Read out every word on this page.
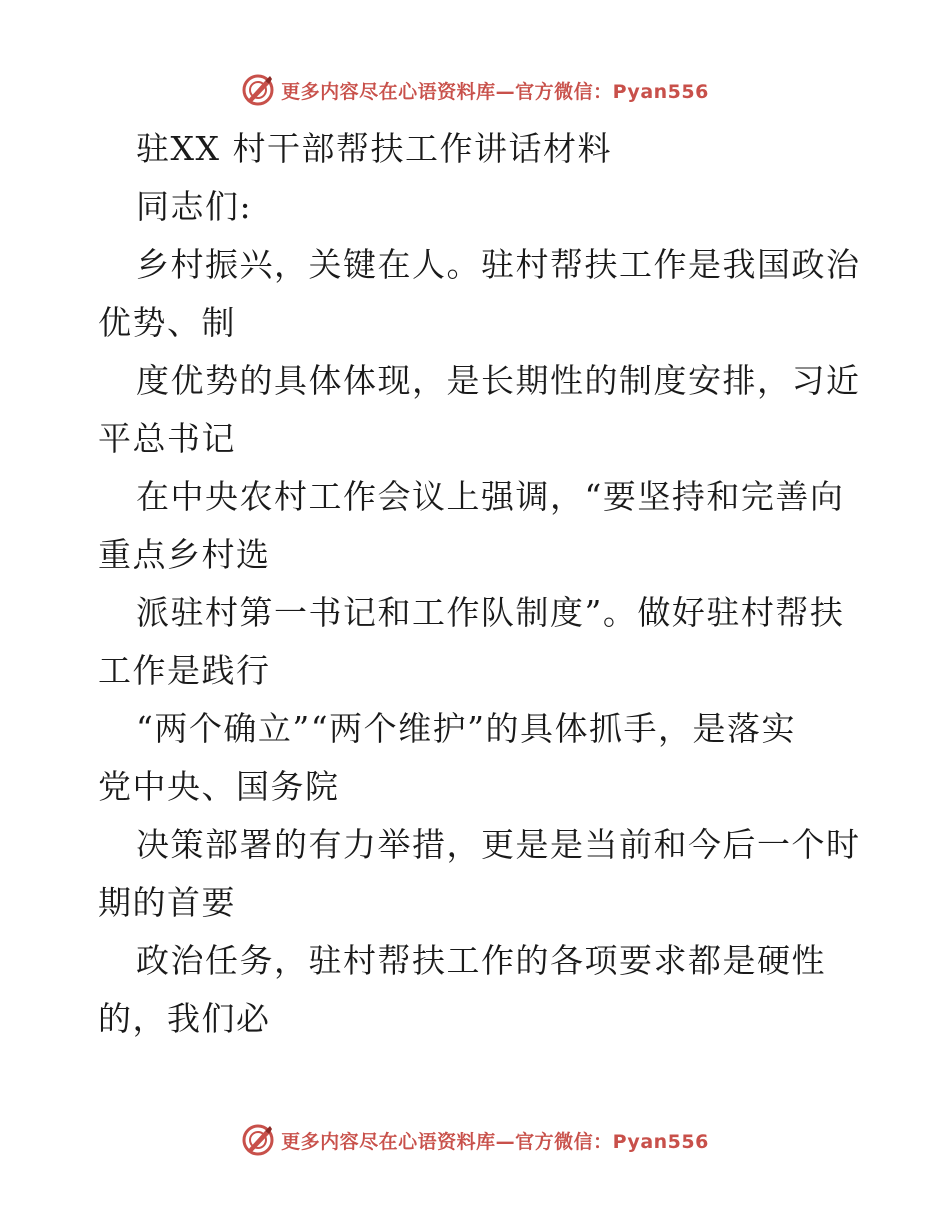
更多内容尽在心语资料库—官方微信：Pyan556
驻XX 村干部帮扶工作讲话材料
同志们:
乡村振兴，关键在人。驻村帮扶工作是我国政治
优势、制
度优势的具体体现，是长期性的制度安排，习近
平总书记
在中央农村工作会议上强调，“要坚持和完善向
重点乡村选
派驻村第一书记和工作队制度”。做好驻村帮扶
工作是践行
“两个确立”“两个维护”的具体抓手，是落实
党中央、国务院
决策部署的有力举措，更是是当前和今后一个时
期的首要
政治任务，驻村帮扶工作的各项要求都是硬性
的，我们必
更多内容尽在心语资料库—官方微信：Pyan556
